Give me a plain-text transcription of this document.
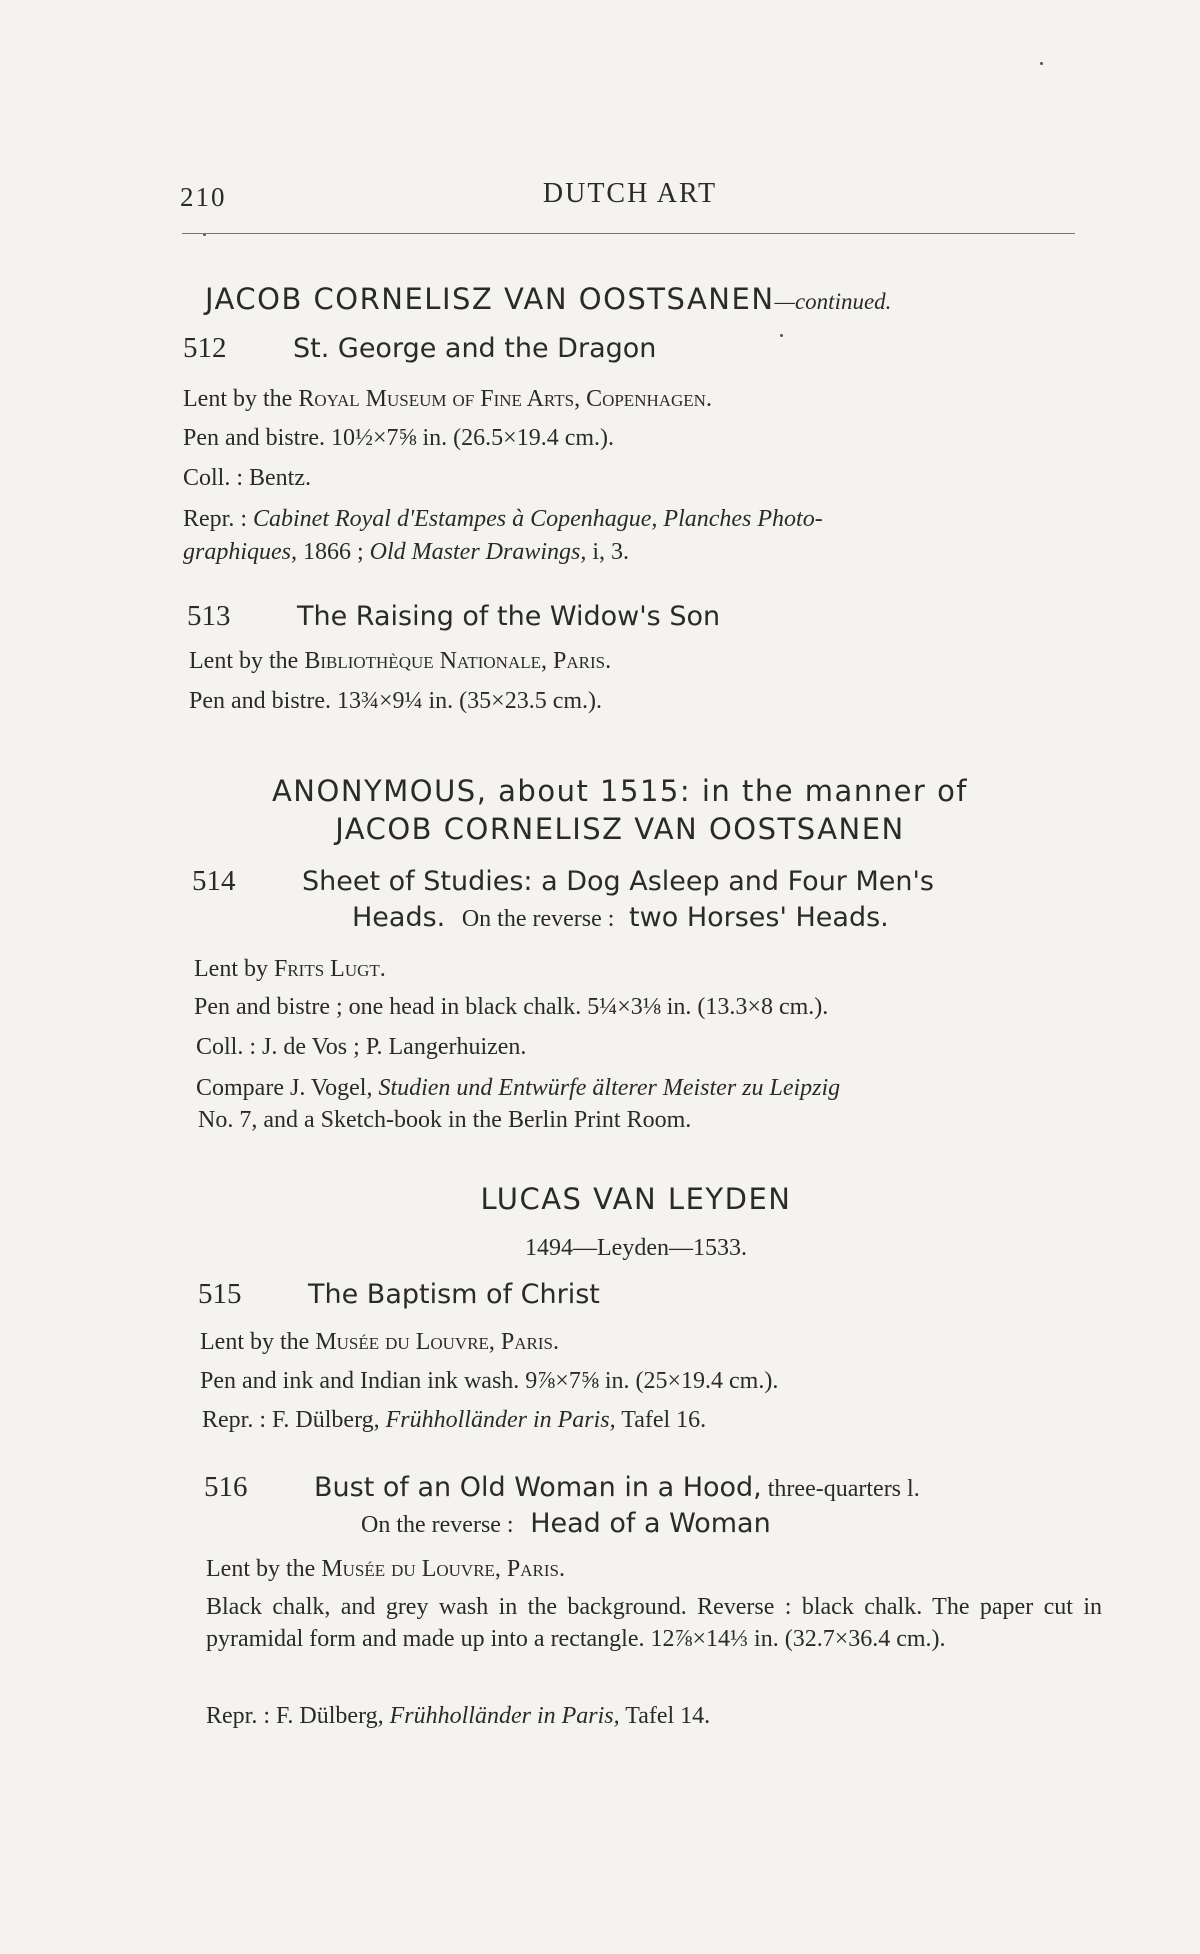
210	DUTCH ART
JACOB CORNELISZ VAN OOSTSANEN—continued.
512 St. George and the Dragon
Lent by the Royal Museum of Fine Arts, Copenhagen.
Pen and bistre. 10½×7⅝ in. (26.5×19.4 cm.).
Coll. : Bentz.
Repr. : Cabinet Royal d'Estampes à Copenhague, Planches Photo-
graphiques, 1866 ; Old Master Drawings, i, 3.
513 The Raising of the Widow's Son
Lent by the Bibliothèque Nationale, Paris.
Pen and bistre. 13¾×9¼ in. (35×23.5 cm.).
ANONYMOUS, about 1515: in the manner of
JACOB CORNELISZ VAN OOSTSANEN
514 Sheet of Studies: a Dog Asleep and Four Men's
Heads. On the reverse : two Horses' Heads.
Lent by Frits Lugt.
Pen and bistre ; one head in black chalk. 5¼×3⅛ in. (13.3×8 cm.).
Coll. : J. de Vos ; P. Langerhuizen.
Compare J. Vogel, Studien und Entwürfe älterer Meister zu Leipzig
No. 7, and a Sketch-book in the Berlin Print Room.
LUCAS VAN LEYDEN
1494—Leyden—1533.
515 The Baptism of Christ
Lent by the Musée du Louvre, Paris.
Pen and ink and Indian ink wash. 9⅞×7⅝ in. (25×19.4 cm.).
Repr. : F. Dülberg, Frühholländer in Paris, Tafel 16.
516 Bust of an Old Woman in a Hood, three-quarters l.
On the reverse : Head of a Woman
Lent by the Musée du Louvre, Paris.
Black chalk, and grey wash in the background. Reverse : black chalk. The paper cut in pyramidal form and made up into a rectangle. 12⅞×14⅓ in. (32.7×36.4 cm.).
Repr. : F. Dülberg, Frühholländer in Paris, Tafel 14.
